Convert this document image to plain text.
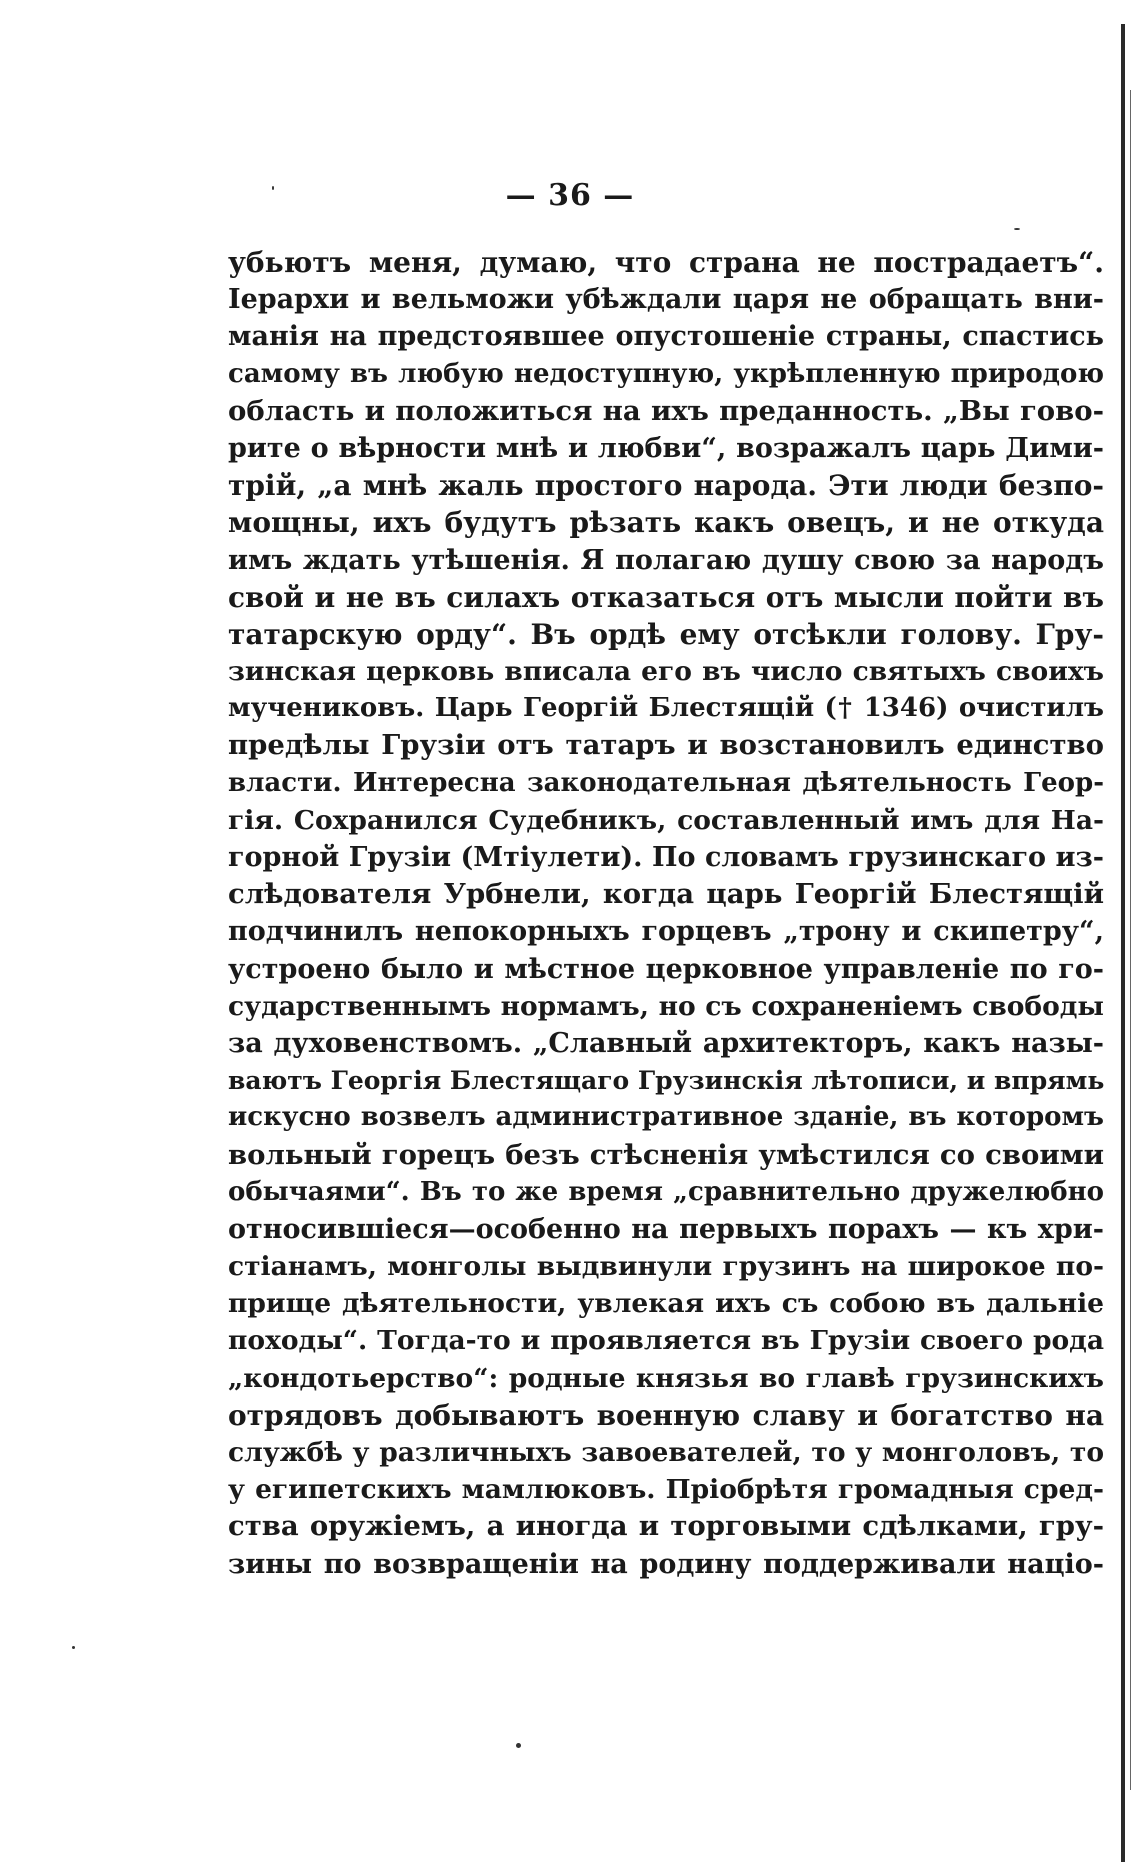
— 36 —
убьютъ меня, думаю, что страна не пострадаетъ“.
Іерархи и вельможи убѣждали царя не обращать вни-
манія на предстоявшее опустошеніе страны, спастись
самому въ любую недоступную, укрѣпленную природою
область и положиться на ихъ преданность. „Вы гово-
рите о вѣрности мнѣ и любви“, возражалъ царь Дими-
трій, „а мнѣ жаль простого народа. Эти люди безпо-
мощны, ихъ будутъ рѣзать какъ овецъ, и не откуда
имъ ждать утѣшенія. Я полагаю душу свою за народъ
свой и не въ силахъ отказаться отъ мысли пойти въ
татарскую орду“. Въ ордѣ ему отсѣкли голову. Гру-
зинская церковь вписала его въ число святыхъ своихъ
мучениковъ. Царь Георгій Блестящій († 1346) очистилъ
предѣлы Грузіи отъ татаръ и возстановилъ единство
власти. Интересна законодательная дѣятельность Геор-
гія. Сохранился Судебникъ, составленный имъ для На-
горной Грузіи (Мтіулети). По словамъ грузинскаго из-
слѣдователя Урбнели, когда царь Георгій Блестящій
подчинилъ непокорныхъ горцевъ „трону и скипетру“,
устроено было и мѣстное церковное управленіе по го-
сударственнымъ нормамъ, но съ сохраненіемъ свободы
за духовенствомъ. „Славный архитекторъ, какъ назы-
ваютъ Георгія Блестящаго Грузинскія лѣтописи, и впрямь
искусно возвелъ административное зданіе, въ которомъ
вольный горецъ безъ стѣсненія умѣстился со своими
обычаями“. Въ то же время „сравнительно дружелюбно
относившіеся—особенно на первыхъ порахъ — къ хри-
стіанамъ, монголы выдвинули грузинъ на широкое по-
прище дѣятельности, увлекая ихъ съ собою въ дальніе
походы“. Тогда-то и проявляется въ Грузіи своего рода
„кондотьерство“: родные князья во главѣ грузинскихъ
отрядовъ добываютъ военную славу и богатство на
службѣ у различныхъ завоевателей, то у монголовъ, то
у египетскихъ мамлюковъ. Пріобрѣтя громадныя сред-
ства оружіемъ, а иногда и торговыми сдѣлками, гру-
зины по возвращеніи на родину поддерживали націо-
